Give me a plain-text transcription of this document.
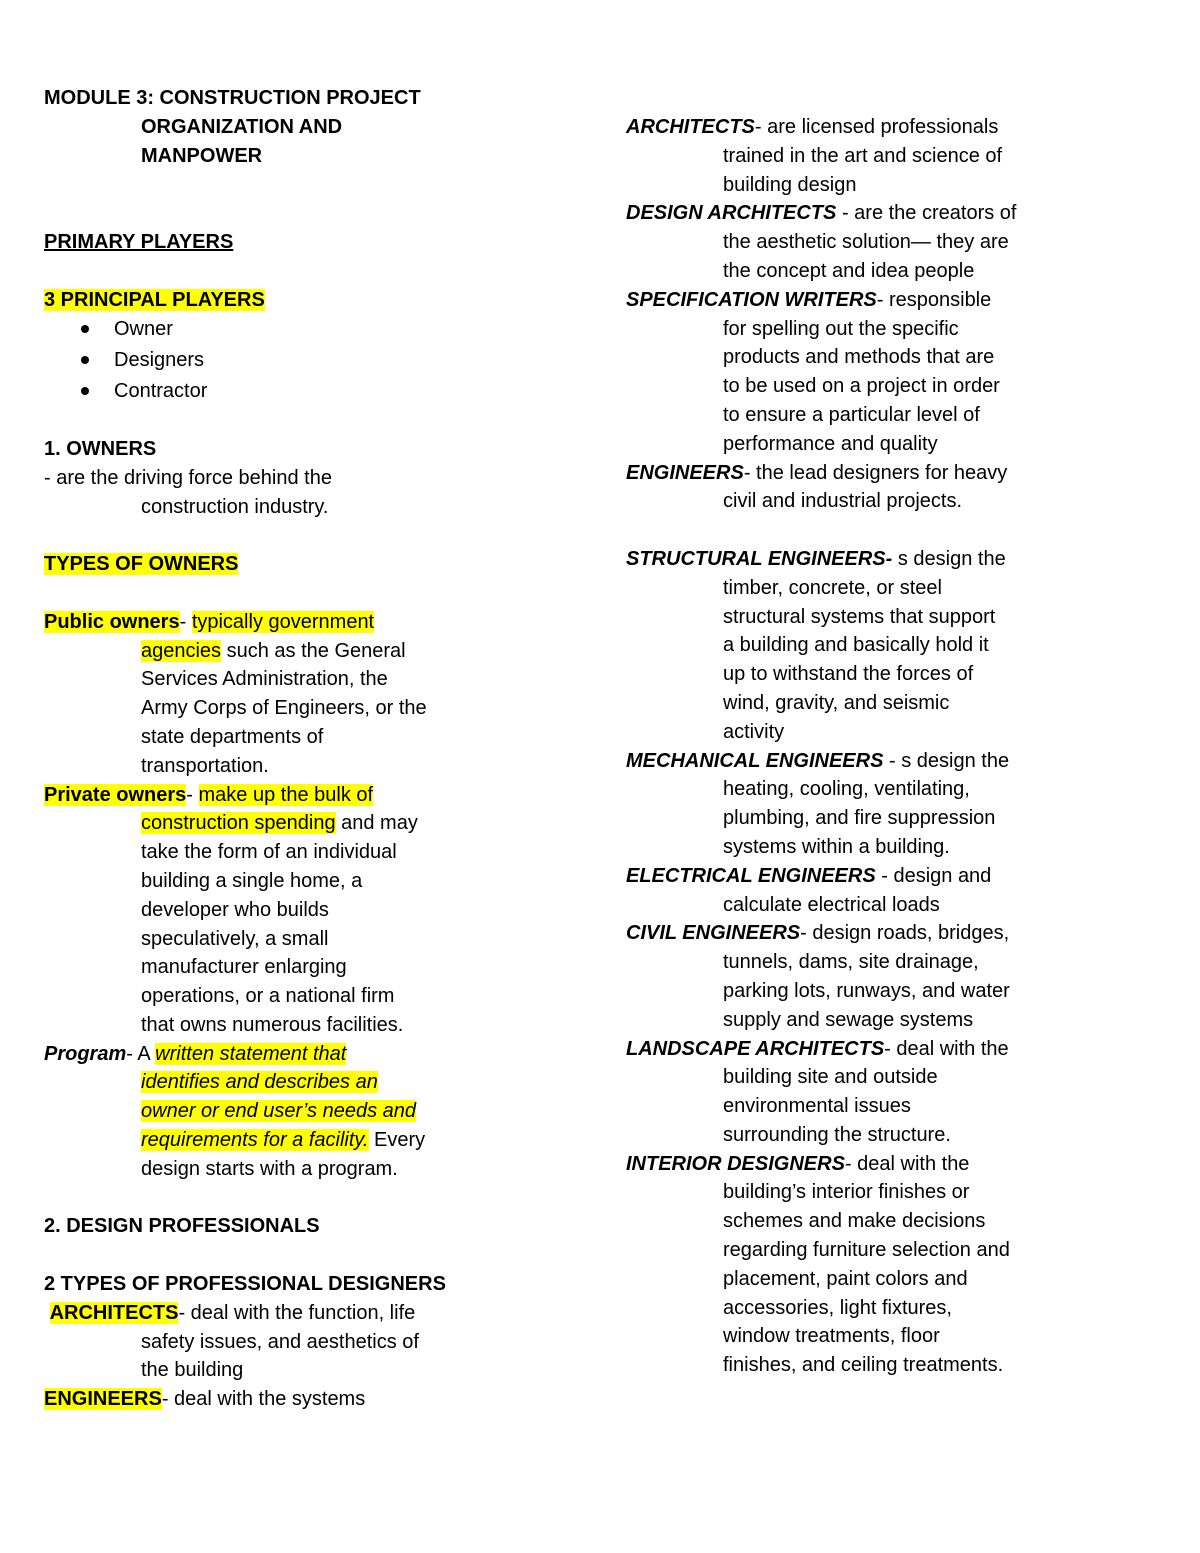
MODULE 3: CONSTRUCTION PROJECT
ORGANIZATION AND
MANPOWER
PRIMARY PLAYERS
3 PRINCIPAL PLAYERS
Owner
Designers
Contractor
1. OWNERS
- are the driving force behind the
construction industry.
TYPES OF OWNERS
Public owners- typically government
agencies such as the General
Services Administration, the
Army Corps of Engineers, or the
state departments of
transportation.
Private owners- make up the bulk of
construction spending and may
take the form of an individual
building a single home, a
developer who builds
speculatively, a small
manufacturer enlarging
operations, or a national firm
that owns numerous facilities.
Program- A written statement that
identifies and describes an
owner or end user’s needs and
requirements for a facility. Every
design starts with a program.
2. DESIGN PROFESSIONALS
2 TYPES OF PROFESSIONAL DESIGNERS
ARCHITECTS- deal with the function, life
safety issues, and aesthetics of
the building
ENGINEERS- deal with the systems
ARCHITECTS- are licensed professionals
trained in the art and science of
building design
DESIGN ARCHITECTS - are the creators of
the aesthetic solution— they are
the concept and idea people
SPECIFICATION WRITERS- responsible
for spelling out the specific
products and methods that are
to be used on a project in order
to ensure a particular level of
performance and quality
ENGINEERS- the lead designers for heavy
civil and industrial projects.
STRUCTURAL ENGINEERS- s design the
timber, concrete, or steel
structural systems that support
a building and basically hold it
up to withstand the forces of
wind, gravity, and seismic
activity
MECHANICAL ENGINEERS - s design the
heating, cooling, ventilating,
plumbing, and fire suppression
systems within a building.
ELECTRICAL ENGINEERS - design and
calculate electrical loads
CIVIL ENGINEERS- design roads, bridges,
tunnels, dams, site drainage,
parking lots, runways, and water
supply and sewage systems
LANDSCAPE ARCHITECTS- deal with the
building site and outside
environmental issues
surrounding the structure.
INTERIOR DESIGNERS- deal with the
building’s interior finishes or
schemes and make decisions
regarding furniture selection and
placement, paint colors and
accessories, light fixtures,
window treatments, floor
finishes, and ceiling treatments.
